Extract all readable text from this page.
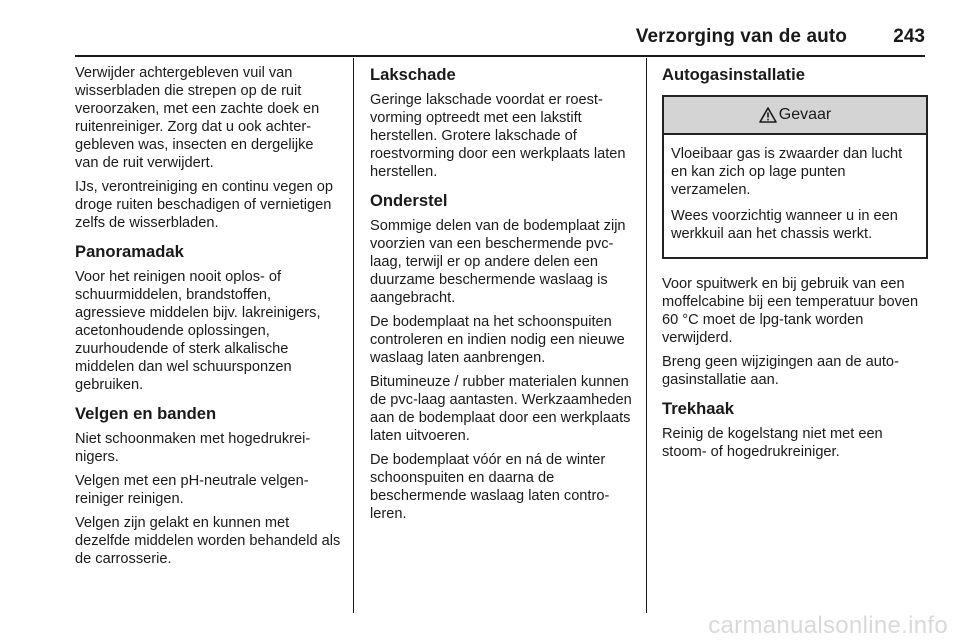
Verzorging van de auto 243

Verwijder achtergebleven vuil van wisserbladen die strepen op de ruit veroorzaken, met een zachte doek en ruitenreiniger. Zorg dat u ook achtergebleven was, insecten en dergelijke van de ruit verwijdert.

IJs, verontreiniging en continu vegen op droge ruiten beschadigen of vernietigen zelfs de wisserbladen.

Panoramadak

Voor het reinigen nooit oplos- of schuurmiddelen, brandstoffen, agressieve middelen bijv. lakreinigers, acetonhoudende oplossingen, zuurhoudende of sterk alkalische middelen dan wel schuursponzen gebruiken.

Velgen en banden

Niet schoonmaken met hogedrukreinigers.

Velgen met een pH-neutrale velgenreiniger reinigen.

Velgen zijn gelakt en kunnen met dezelfde middelen worden behandeld als de carrosserie.

Lakschade

Geringe lakschade voordat er roestvorming optreedt met een lakstift herstellen. Grotere lakschade of roestvorming door een werkplaats laten herstellen.

Onderstel

Sommige delen van de bodemplaat zijn voorzien van een beschermende pvc-laag, terwijl er op andere delen een duurzame beschermende waslaag is aangebracht.

De bodemplaat na het schoonspuiten controleren en indien nodig een nieuwe waslaag laten aanbrengen.

Bitumineuze / rubber materialen kunnen de pvc-laag aantasten. Werkzaamheden aan de bodemplaat door een werkplaats laten uitvoeren.

De bodemplaat vóór en ná de winter schoonspuiten en daarna de beschermende waslaag laten controleren.

Autogasinstallatie
Gevaar

Vloeibaar gas is zwaarder dan lucht en kan zich op lage punten verzamelen.

Wees voorzichtig wanneer u in een werkkuil aan het chassis werkt.

Voor spuitwerk en bij gebruik van een moffelcabine bij een temperatuur boven 60 °C moet de lpg-tank worden verwijderd.

Breng geen wijzigingen aan de autogasinstallatie aan.

Trekhaak

Reinig de kogelstang niet met een stoom- of hogedrukreiniger.

carmanualsonline.info
